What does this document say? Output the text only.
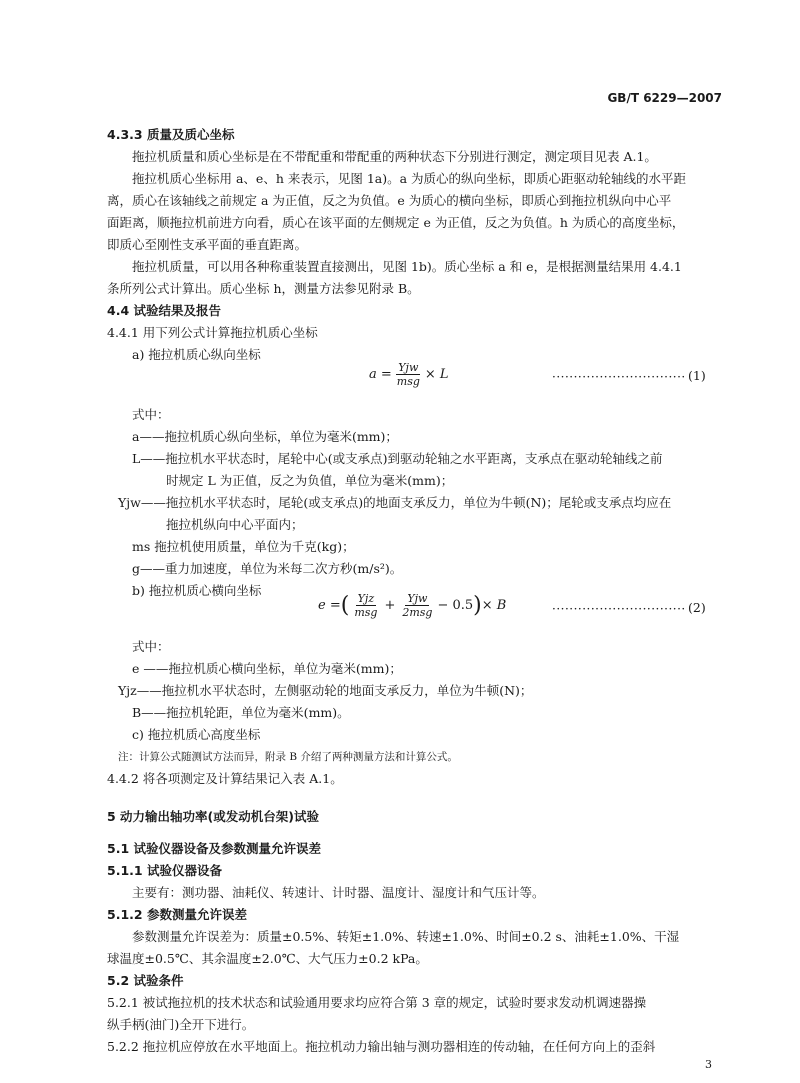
GB/T 6229—2007
4.3.3 质量及质心坐标
拖拉机质量和质心坐标是在不带配重和带配重的两种状态下分别进行测定，测定项目见表 A.1。
拖拉机质心坐标用 a、e、h 来表示，见图 1a)。a 为质心的纵向坐标，即质心距驱动轮轴线的水平距
离，质心在该轴线之前规定 a 为正值，反之为负值。e 为质心的横向坐标，即质心到拖拉机纵向中心平
面距离，顺拖拉机前进方向看，质心在该平面的左侧规定 e 为正值，反之为负值。h 为质心的高度坐标，
即质心至刚性支承平面的垂直距离。
拖拉机质量，可以用各种称重装置直接测出，见图 1b)。质心坐标 a 和 e，是根据测量结果用 4.4.1
条所列公式计算出。质心坐标 h，测量方法参见附录 B。
4.4 试验结果及报告
4.4.1 用下列公式计算拖拉机质心坐标
a) 拖拉机质心纵向坐标
式中：
a——拖拉机质心纵向坐标，单位为毫米(mm)；
L——拖拉机水平状态时，尾轮中心(或支承点)到驱动轮轴之水平距离，支承点在驱动轮轴线之前
时规定 L 为正值，反之为负值，单位为毫米(mm)；
Yjw——拖拉机水平状态时，尾轮(或支承点)的地面支承反力，单位为牛顿(N)；尾轮或支承点均应在
拖拉机纵向中心平面内；
ms 拖拉机使用质量，单位为千克(kg)；
g——重力加速度，单位为米每二次方秒(m/s²)。
b) 拖拉机质心横向坐标
式中：
e ——拖拉机质心横向坐标，单位为毫米(mm)；
Yjz——拖拉机水平状态时，左侧驱动轮的地面支承反力，单位为牛顿(N)；
B——拖拉机轮距，单位为毫米(mm)。
c) 拖拉机质心高度坐标
注：计算公式随测试方法而异，附录 B 介绍了两种测量方法和计算公式。
4.4.2 将各项测定及计算结果记入表 A.1。
5 动力输出轴功率(或发动机台架)试验
5.1 试验仪器设备及参数测量允许误差
5.1.1 试验仪器设备
主要有：测功器、油耗仪、转速计、计时器、温度计、湿度计和气压计等。
5.1.2 参数测量允许误差
参数测量允许误差为：质量±0.5%、转矩±1.0%、转速±1.0%、时间±0.2 s、油耗±1.0%、干湿
球温度±0.5℃、其余温度±2.0℃、大气压力±0.2 kPa。
5.2 试验条件
5.2.1 被试拖拉机的技术状态和试验通用要求均应符合第 3 章的规定，试验时要求发动机调速器操
纵手柄(油门)全开下进行。
5.2.2 拖拉机应停放在水平地面上。拖拉机动力输出轴与测功器相连的传动轴，在任何方向上的歪斜
$a = \frac{\text{Yjw}}{\text{msg}} \times L$	······························· (1)
e = ( $\frac{\text{Yjz}}{\text{msg}} + \frac{\text{Yjw}}{\text{2msg}} - 0.5$ ) × B	······························· (2)
3
